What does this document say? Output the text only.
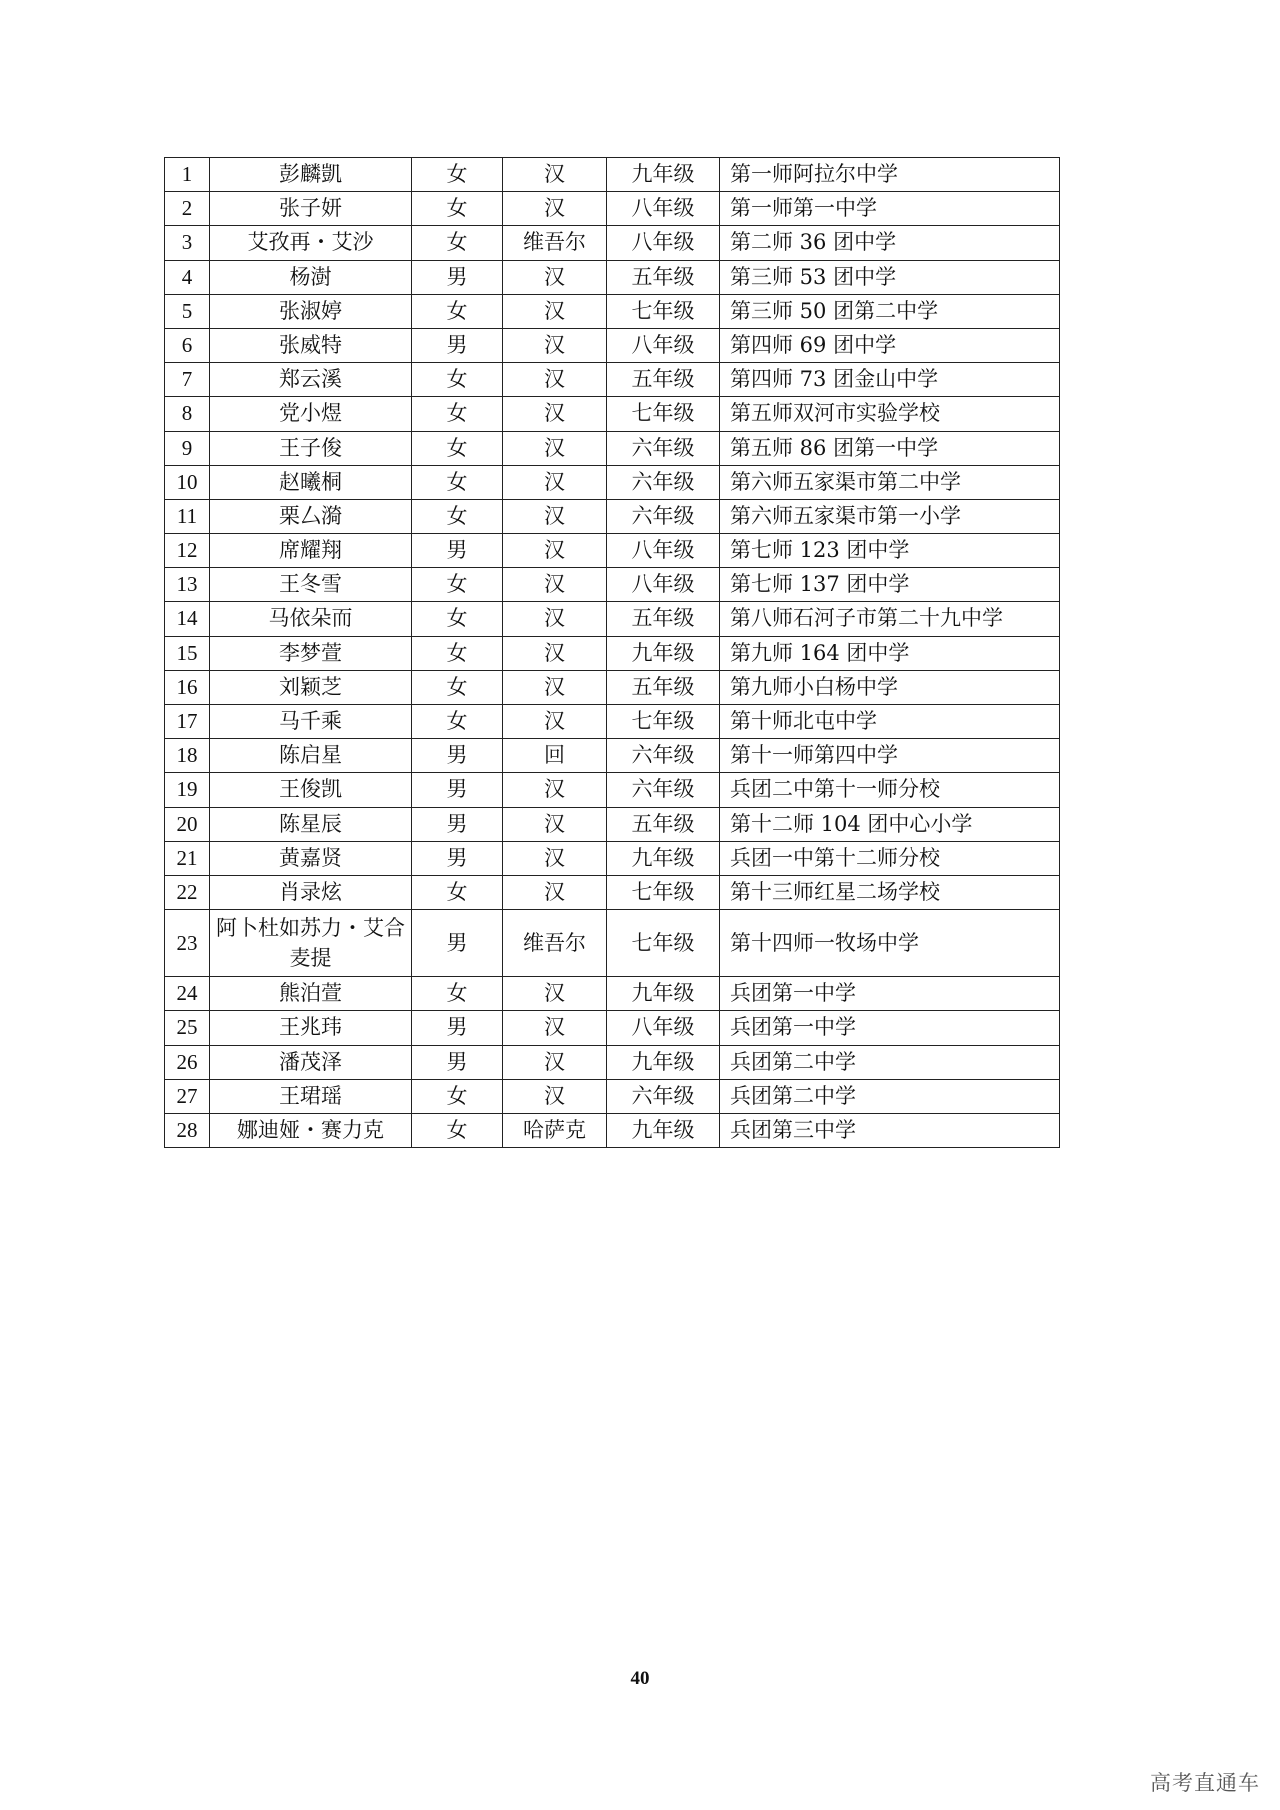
1	彭麟凱	女	汉	九年级	第一师阿拉尔中学
2	张子妍	女	汉	八年级	第一师第一中学
3	艾孜再・艾沙	女	维吾尔	八年级	第二师 36 团中学
4	杨澍	男	汉	五年级	第三师 53 团中学
5	张淑婷	女	汉	七年级	第三师 50 团第二中学
6	张威特	男	汉	八年级	第四师 69 团中学
7	郑云溪	女	汉	五年级	第四师 73 团金山中学
8	党小煜	女	汉	七年级	第五师双河市实验学校
9	王子俊	女	汉	六年级	第五师 86 团第一中学
10	赵曦桐	女	汉	六年级	第六师五家渠市第二中学
11	栗厶漪	女	汉	六年级	第六师五家渠市第一小学
12	席耀翔	男	汉	八年级	第七师 123 团中学
13	王冬雪	女	汉	八年级	第七师 137 团中学
14	马依朵而	女	汉	五年级	第八师石河子市第二十九中学
15	李梦萱	女	汉	九年级	第九师 164 团中学
16	刘颖芝	女	汉	五年级	第九师小白杨中学
17	马千乘	女	汉	七年级	第十师北屯中学
18	陈启星	男	回	六年级	第十一师第四中学
19	王俊凯	男	汉	六年级	兵团二中第十一师分校
20	陈星辰	男	汉	五年级	第十二师 104 团中心小学
21	黄嘉贤	男	汉	九年级	兵团一中第十二师分校
22	肖录炫	女	汉	七年级	第十三师红星二场学校
23	阿卜杜如苏力・艾合麦提	男	维吾尔	七年级	第十四师一牧场中学
24	熊泊萱	女	汉	九年级	兵团第一中学
25	王兆玮	男	汉	八年级	兵团第一中学
26	潘茂泽	男	汉	九年级	兵团第二中学
27	王珺瑶	女	汉	六年级	兵团第二中学
28	娜迪娅・赛力克	女	哈萨克	九年级	兵团第三中学
40
高考直通车
